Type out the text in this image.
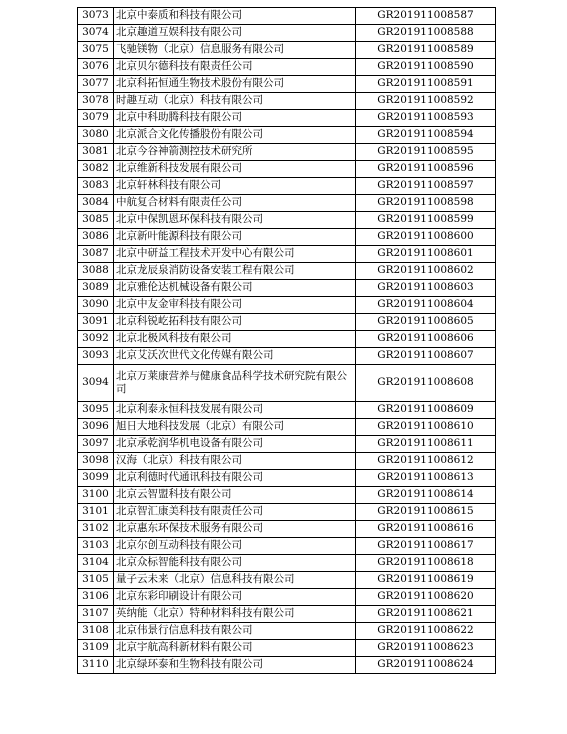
3073	北京中泰质和科技有限公司	GR201911008587
3074	北京趣道互娱科技有限公司	GR201911008588
3075	飞驰镁物（北京）信息服务有限公司	GR201911008589
3076	北京贝尔德科技有限责任公司	GR201911008590
3077	北京科拓恒通生物技术股份有限公司	GR201911008591
3078	时趣互动（北京）科技有限公司	GR201911008592
3079	北京中科助腾科技有限公司	GR201911008593
3080	北京派合文化传播股份有限公司	GR201911008594
3081	北京今谷神箭测控技术研究所	GR201911008595
3082	北京维新科技发展有限公司	GR201911008596
3083	北京轩林科技有限公司	GR201911008597
3084	中航复合材料有限责任公司	GR201911008598
3085	北京中保凯恩环保科技有限公司	GR201911008599
3086	北京新叶能源科技有限公司	GR201911008600
3087	北京中研益工程技术开发中心有限公司	GR201911008601
3088	北京龙辰泉消防设备安装工程有限公司	GR201911008602
3089	北京雅伦达机械设备有限公司	GR201911008603
3090	北京中友金审科技有限公司	GR201911008604
3091	北京科锐屹拓科技有限公司	GR201911008605
3092	北京北极风科技有限公司	GR201911008606
3093	北京艾沃次世代文化传媒有限公司	GR201911008607
3094	北京万莱康营养与健康食品科学技术研究院有限公司	GR201911008608
3095	北京利泰永恒科技发展有限公司	GR201911008609
3096	旭日大地科技发展（北京）有限公司	GR201911008610
3097	北京承乾润华机电设备有限公司	GR201911008611
3098	汉海（北京）科技有限公司	GR201911008612
3099	北京利德时代通讯科技有限公司	GR201911008613
3100	北京云智盟科技有限公司	GR201911008614
3101	北京智汇康美科技有限责任公司	GR201911008615
3102	北京惠东环保技术服务有限公司	GR201911008616
3103	北京尔创互动科技有限公司	GR201911008617
3104	北京众标智能科技有限公司	GR201911008618
3105	量子云未来（北京）信息科技有限公司	GR201911008619
3106	北京东彩印刷设计有限公司	GR201911008620
3107	英纳能（北京）特种材料科技有限公司	GR201911008621
3108	北京伟景行信息科技有限公司	GR201911008622
3109	北京宇航高科新材料有限公司	GR201911008623
3110	北京绿环泰和生物科技有限公司	GR201911008624
